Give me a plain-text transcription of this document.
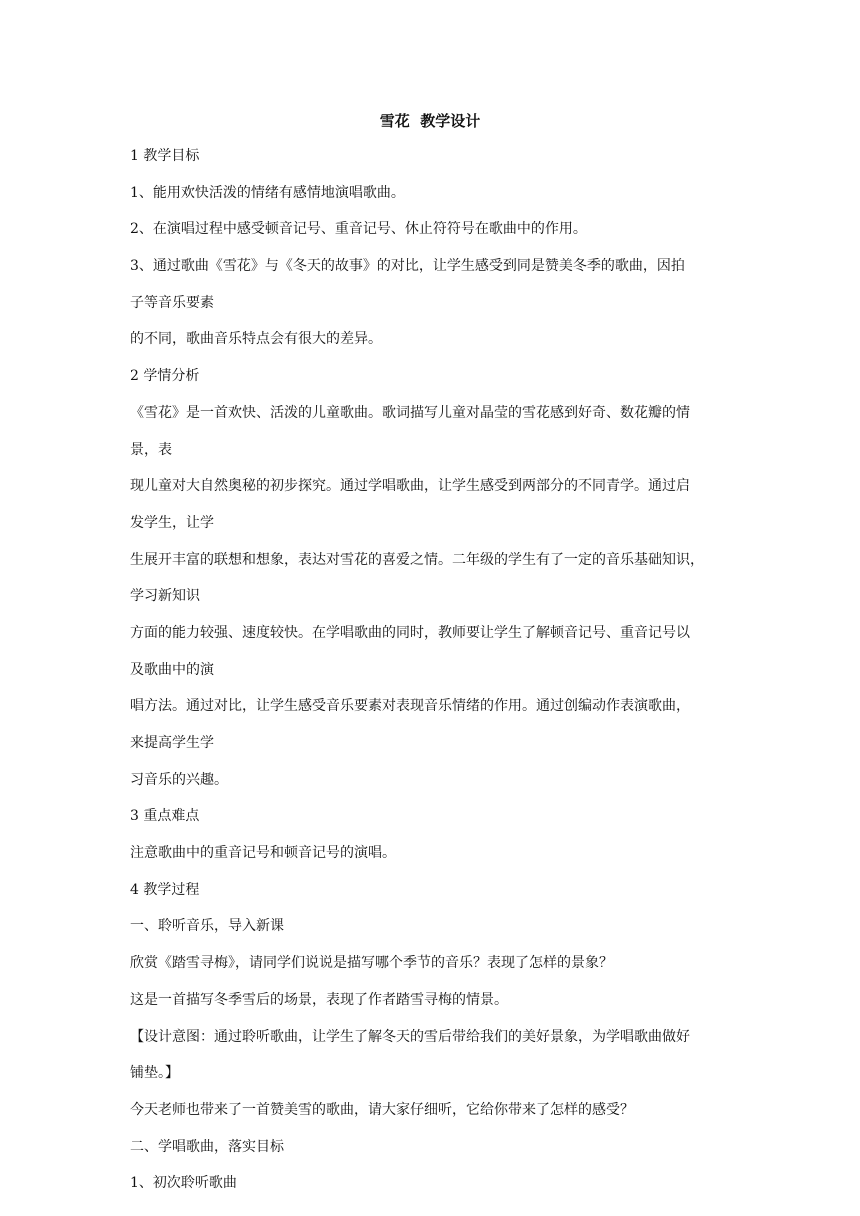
雪花  教学设计
1 教学目标
1、能用欢快活泼的情绪有感情地演唱歌曲。
2、在演唱过程中感受顿音记号、重音记号、休止符符号在歌曲中的作用。
3、通过歌曲《雪花》与《冬天的故事》的对比，让学生感受到同是赞美冬季的歌曲，因拍
子等音乐要素
的不同，歌曲音乐特点会有很大的差异。
2 学情分析
《雪花》是一首欢快、活泼的儿童歌曲。歌词描写儿童对晶莹的雪花感到好奇、数花瓣的情
景，表
现儿童对大自然奥秘的初步探究。通过学唱歌曲，让学生感受到两部分的不同青学。通过启
发学生，让学
生展开丰富的联想和想象，表达对雪花的喜爱之情。二年级的学生有了一定的音乐基础知识，
学习新知识
方面的能力较强、速度较快。在学唱歌曲的同时，教师要让学生了解顿音记号、重音记号以
及歌曲中的演
唱方法。通过对比，让学生感受音乐要素对表现音乐情绪的作用。通过创编动作表演歌曲，
来提高学生学
习音乐的兴趣。
3 重点难点
注意歌曲中的重音记号和顿音记号的演唱。
4 教学过程
一、聆听音乐，导入新课
欣赏《踏雪寻梅》，请同学们说说是描写哪个季节的音乐？表现了怎样的景象？
这是一首描写冬季雪后的场景，表现了作者踏雪寻梅的情景。
【设计意图：通过聆听歌曲，让学生了解冬天的雪后带给我们的美好景象，为学唱歌曲做好
铺垫。】
今天老师也带来了一首赞美雪的歌曲，请大家仔细听，它给你带来了怎样的感受？
二、学唱歌曲，落实目标
1、初次聆听歌曲
